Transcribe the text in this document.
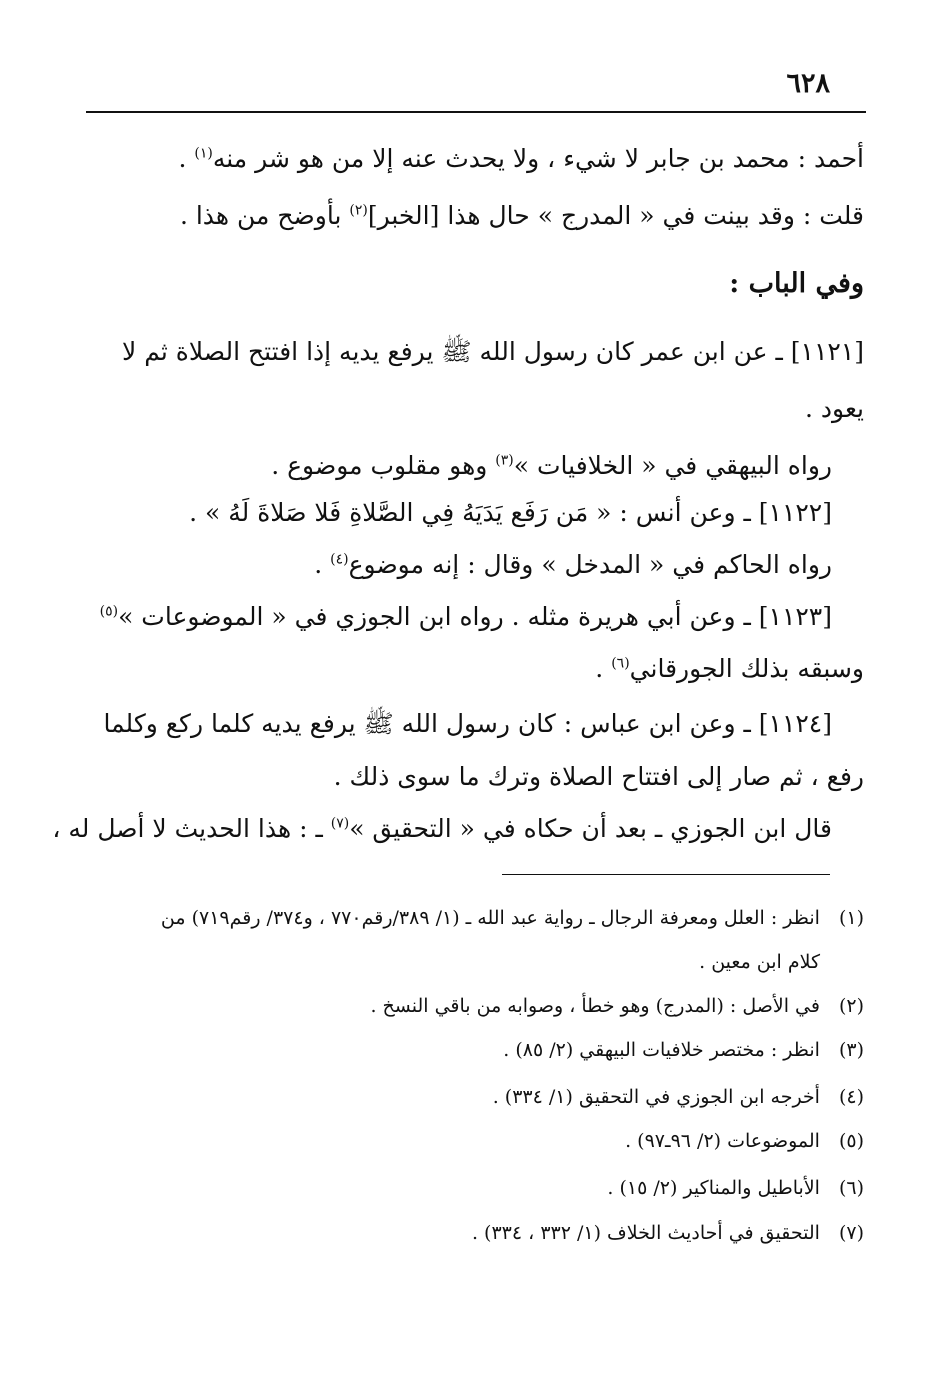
٦٢٨
أحمد : محمد بن جابر لا شيء ، ولا يحدث عنه إلا من هو شر منه$^{(١)}$ .
قلت : وقد بينت في « المدرج » حال هذا [الخبر]$^{(٢)}$ بأوضح من هذا .
وفي الباب :
[١١٢١] ـ عن ابن عمر كان رسول الله ﷺ يرفع يديه إذا افتتح الصلاة ثم لا
يعود .
رواه البيهقي في « الخلافيات »$^{(٣)}$ وهو مقلوب موضوع .
[١١٢٢] ـ وعن أنس : « مَن رَفَع يَدَيَهُ فِي الصَّلاةِ فَلا صَلاةَ لَهُ » .
رواه الحاكم في « المدخل » وقال : إنه موضوع$^{(٤)}$ .
[١١٢٣] ـ وعن أبي هريرة مثله . رواه ابن الجوزي في « الموضوعات »$^{(٥)}$
وسبقه بذلك الجورقاني$^{(٦)}$ .
[١١٢٤] ـ وعن ابن عباس : كان رسول الله ﷺ يرفع يديه كلما ركع وكلما
رفع ، ثم صار إلى افتتاح الصلاة وترك ما سوى ذلك .
قال ابن الجوزي ـ بعد أن حكاه في « التحقيق »$^{(٧)}$ ـ : هذا الحديث لا أصل له ،
(١) انظر : العلل ومعرفة الرجال ـ رواية عبد الله ـ (١/ ٣٨٩/رقم٧٧٠ ، و٣٧٤/ رقم٧١٩) من
كلام ابن معين .
(٢) في الأصل : (المدرج) وهو خطأ ، وصوابه من باقي النسخ .
(٣) انظر : مختصر خلافيات البيهقي (٢/ ٨٥) .
(٤) أخرجه ابن الجوزي في التحقيق (١/ ٣٣٤) .
(٥) الموضوعات (٢/ ٩٦ـ٩٧) .
(٦) الأباطيل والمناكير (٢/ ١٥) .
(٧) التحقيق في أحاديث الخلاف (١/ ٣٣٢ ، ٣٣٤) .
